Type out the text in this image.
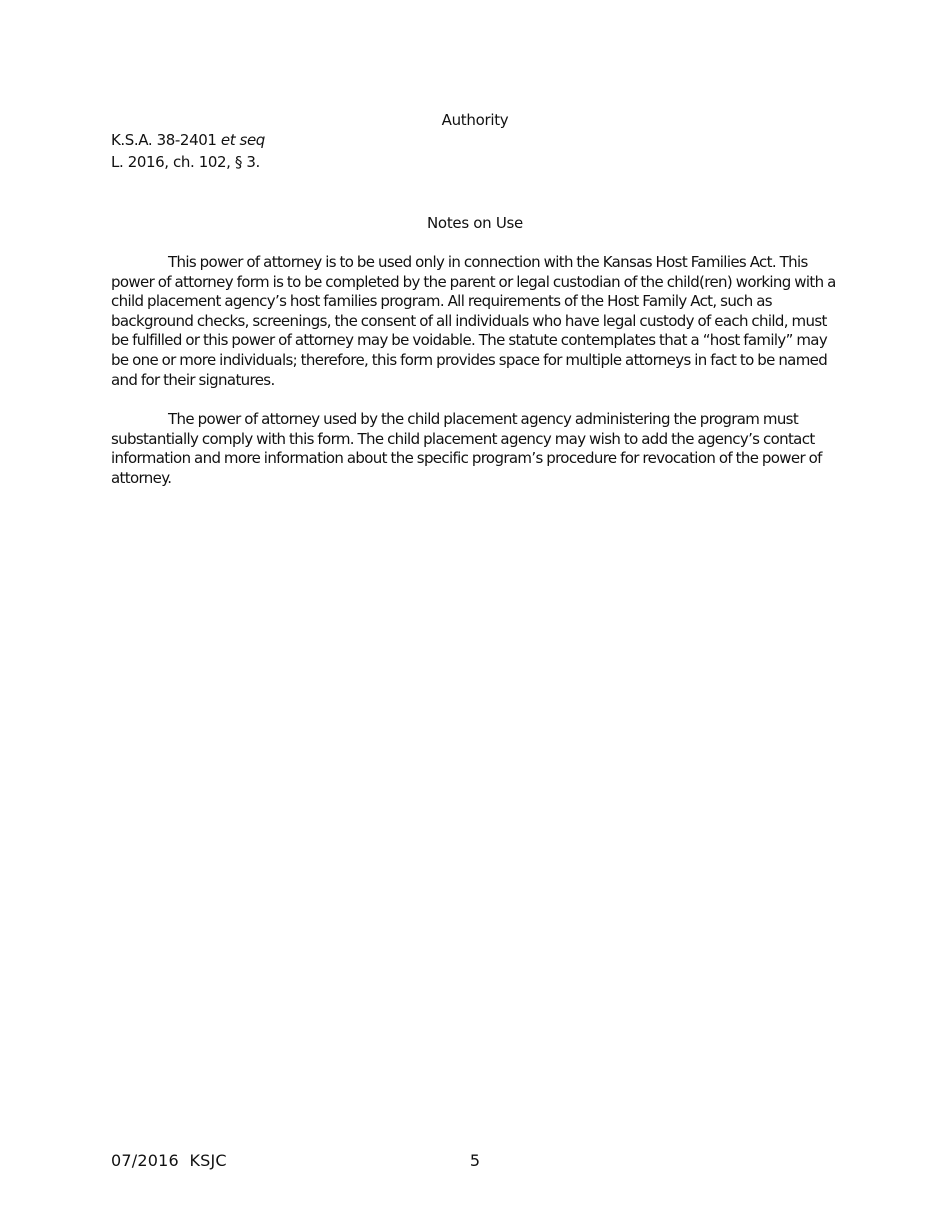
Authority
K.S.A. 38-2401 et seq
L. 2016, ch. 102, § 3.
Notes on Use

This power of attorney is to be used only in connection with the Kansas Host Families Act. This power of attorney form is to be completed by the parent or legal custodian of the child(ren) working with a child placement agency’s host families program. All requirements of the Host Family Act, such as background checks, screenings, the consent of all individuals who have legal custody of each child, must be fulfilled or this power of attorney may be voidable. The statute contemplates that a “host family” may be one or more individuals; therefore, this form provides space for multiple attorneys in fact to be named and for their signatures.

The power of attorney used by the child placement agency administering the program must substantially comply with this form. The child placement agency may wish to add the agency’s contact information and more information about the specific program’s procedure for revocation of the power of attorney.

07/2016  KSJC	5
